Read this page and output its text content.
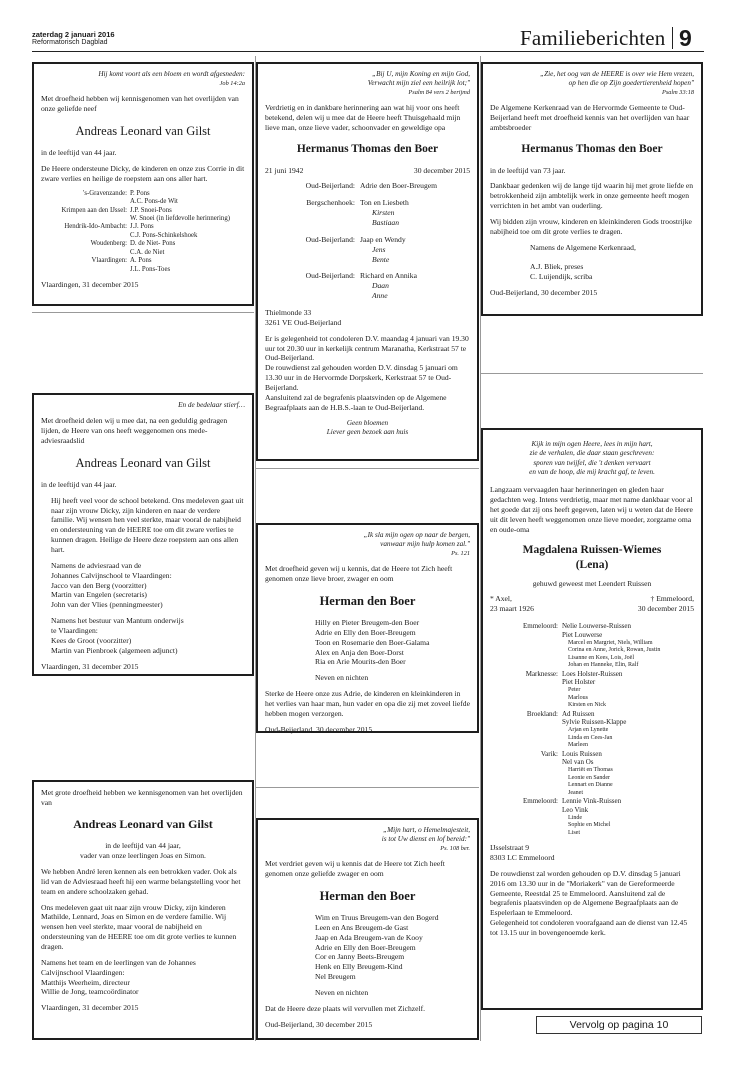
zaterdag 2 januari 2016
Reformatorisch Dagblad	Familieberichten 9
Hij komt voort als een bloem en wordt afgesneden:
Job 14:2a

Met droefheid hebben wij kennisgenomen van het overlijden van onze geliefde neef

Andreas Leonard van Gilst

in de leeftijd van 44 jaar.

De Heere ondersteune Dicky, de kinderen en onze zus Corrie in dit zware verlies en heilige de roepstem aan ons aller hart.

's-Gravenzande: P. Pons
A.C. Pons-de Wit
Krimpen aan den IJssel: J.P. Snoei-Pons
W. Snoei (in liefdevolle herinnering)
Hendrik-Ido-Ambacht: J.J. Pons
C.J. Pons-Schinkelshoek
Woudenberg: D. de Niet- Pons
C.A. de Niet
Vlaardingen: A. Pons
J.L. Pons-Toes
Vlaardingen, 31 december 2015
En de bedelaar stierf…

Met droefheid delen wij u mee dat, na een geduldig gedragen lijden, de Heere van ons heeft weggenomen ons mede-adviesraadslid

Andreas Leonard van Gilst

in de leeftijd van 44 jaar.

Hij heeft veel voor de school betekend. Ons medeleven gaat uit naar zijn vrouw Dicky, zijn kinderen en naar de verdere familie. Wij wensen hen veel sterkte, maar vooral de nabijheid en ondersteuning van de HEERE toe om dit zware verlies te kunnen dragen. Heilige de Heere deze roepstem aan ons allen hart.

Namens de adviesraad van de
Johannes Calvijnschool te Vlaardingen:
Jacco van den Berg (voorzitter)
Martin van Engelen (secretaris)
John van der Vlies (penningmeester)

Namens het bestuur van Mantum onderwijs
te Vlaardingen:
Kees de Groot (voorzitter)
Martin van Pienbroek (algemeen adjunct)

Vlaardingen, 31 december 2015

Met grote droefheid hebben we kennisgenomen van het overlijden van

Andreas Leonard van Gilst

in de leeftijd van 44 jaar,
vader van onze leerlingen Joas en Simon.

We hebben André leren kennen als een betrokken vader. Ook als lid van de Adviesraad heeft hij een warme belangstelling voor het team en andere schoolzaken gehad.

Ons medeleven gaat uit naar zijn vrouw Dicky, zijn kinderen Mathilde, Lennard, Joas en Simon en de verdere familie. Wij wensen hen veel sterkte, maar vooral de nabijheid en ondersteuning van de HEERE toe om dit grote verlies te kunnen dragen.

Namens het team en de leerlingen van de Johannes
Calvijnschool Vlaardingen:
Matthijs Weerheim, directeur
Willie de Jong, teamcoördinator

Vlaardingen, 31 december 2015
„Bij U, mijn Koning en mijn God,
Verwacht mijn ziel een heilrijk lot;"
Psalm 84 vers 2 berijmd

Verdrietig en in dankbare herinnering aan wat hij voor ons heeft betekend, delen wij u mee dat de Heere heeft Thuisgehaald mijn lieve man, onze lieve vader, schoonvader en geweldige opa

Hermanus Thomas den Boer
21 juni 1942	30 december 2015
Oud-Beijerland: Adrie den Boer-Breugem
Bergschenhoek: Ton en Liesbeth
Kirsten
Bastiaan
Oud-Beijerland: Jaap en Wendy
Jens
Bente
Oud-Beijerland: Richard en Annika
Daan
Anne

Thielmonde 33
3261 VE Oud-Beijerland

Er is gelegenheid tot condoleren D.V. maandag 4 januari van 19.30 uur tot 20.30 uur in kerkelijk centrum Maranatha, Kerkstraat 57 te Oud-Beijerland.

De rouwdienst zal gehouden worden D.V. dinsdag 5 januari om 13.30 uur in de Hervormde Dorpskerk, Kerkstraat 57 te Oud-Beijerland.

Aansluitend zal de begrafenis plaatsvinden op de Algemene Begraafplaats aan de H.B.S.-laan te Oud-Beijerland.

Geen bloemen
Liever geen bezoek aan huis
„Ik sla mijn ogen op naar de bergen,
vanwaar mijn hulp komen zal."
Ps. 121

Met droefheid geven wij u kennis, dat de Heere tot Zich heeft genomen onze lieve broer, zwager en oom

Herman den Boer

Hilly en Pieter Breugem-den Boer
Adrie en Elly den Boer-Breugem
Toon en Rosemarie den Boer-Galama
Alex en Anja den Boer-Dorst
Ria en Arie Mourits-den Boer

Neven en nichten

Sterke de Heere onze zus Adrie, de kinderen en kleinkinderen in het verlies van haar man, hun vader en opa die zij met zoveel liefde hebben mogen verzorgen.

Oud-Beijerland, 30 december 2015
„Mijn hart, o Hemelmajesteit,
is tot Uw dienst en lof bereid:"
Ps. 108 ber.

Met verdriet geven wij u kennis dat de Heere tot Zich heeft genomen onze geliefde zwager en oom

Herman den Boer

Wim en Truus Breugem-van den Bogerd
Leen en Ans Breugem-de Gast
Jaap en Ada Breugem-van de Kooy
Adrie en Elly den Boer-Breugem
Cor en Janny Beets-Breugem
Henk en Elly Breugem-Kind
Nel Breugem

Neven en nichten

Dat de Heere deze plaats wil vervullen met Zichzelf.

Oud-Beijerland, 30 december 2015
„Zie, het oog van de HEERE is over wie Hem vrezen,
op hen die op Zijn goedertierenheid hopen"
Psalm 33:18

De Algemene Kerkenraad van de Hervormde Gemeente te Oud-Beijerland heeft met droefheid kennis van het overlijden van haar ambtsbroeder

Hermanus Thomas den Boer

in de leeftijd van 73 jaar.

Dankbaar gedenken wij de lange tijd waarin hij met grote liefde en betrokkenheid zijn ambtelijk werk in onze gemeente heeft mogen verrichten in het ambt van ouderling.

Wij bidden zijn vrouw, kinderen en kleinkinderen Gods troostrijke nabijheid toe om dit grote verlies te dragen.

Namens de Algemene Kerkenraad,

A.J. Bliek, preses
C. Luijendijk, scriba

Oud-Beijerland, 30 december 2015
Kijk in mijn ogen Heere, lees in mijn hart,
zie de verhalen, die daar staan geschreven:
sporen van twijfel, die 't denken vervaart
en van de hoop, die mij kracht gaf, te leven.

Langzaam vervaagden haar herinneringen en gleden haar gedachten weg. Intens verdrietig, maar met name dankbaar voor al het goede dat zij ons heeft gegeven, laten wij u weten dat de Heere uit dit leven heeft weggenomen onze lieve moeder, zorgzame oma en oude-oma

Magdalena Ruissen-Wiemes
(Lena)

gehuwd geweest met Leendert Ruissen

* Axel,
23 maart 1926
† Emmeloord,
30 december 2015
Emmeloord: Nelie Louwerse-Ruissen
Piet Louwerse
Marcel en Margriet, Niels, William
Corina en Anne, Jorick, Rowan, Justin
Lisanne en Kees, Lois, Joël
Johan en Hanneke, Elin, Ralf
Marknesse: Loes Holster-Ruissen
Piet Holster
Peter
Marlous
Kirsten en Nick
Broekland: Ad Ruissen
Sylvie Ruissen-Klappe
Arjan en Lynette
Linda en Cees-Jan
Marleen
Varik: Louis Ruissen
Nel van Os
Harriët en Thomas
Leonie en Sander
Lennart en Dianne
Jeanet
Emmeloord: Lennie Vink-Ruissen
Leo Vink
Linde
Sophie en Michel
Liset

IJsselstraat 9
8303 LC Emmeloord

De rouwdienst zal worden gehouden op D.V. dinsdag 5 januari 2016 om 13.30 uur in de "Moriakerk" van de Gereformeerde Gemeente, Reestdal 25 te Emmeloord. Aansluitend zal de begrafenis plaatsvinden op de Algemene Begraafplaats aan de Espelerlaan te Emmeloord.

Gelegenheid tot condoleren voorafgaand aan de dienst van 12.45 tot 13.15 uur in bovengenoemde kerk.

Vervolg op pagina 10
